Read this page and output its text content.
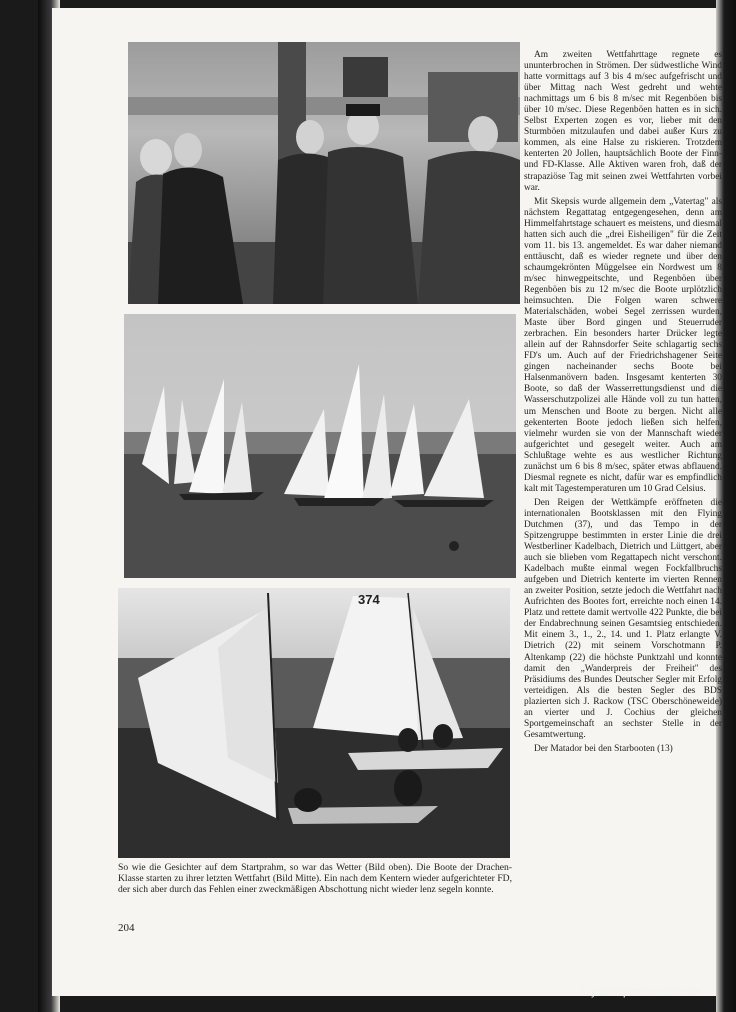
374
So wie die Gesichter auf dem Startprahm, so war das Wetter (Bild oben). Die Boote der Drachen-Klasse starten zu ihrer letzten Wettfahrt (Bild Mitte). Ein nach dem Kentern wieder aufgerichteter FD, der sich aber durch das Fehlen einer zweckmäßigen Abschottung nicht wieder lenz segeln konnte.
204

Am zweiten Wettfahrttage regnete es ununterbrochen in Strömen. Der südwestliche Wind hatte vormittags auf 3 bis 4 m/sec aufgefrischt und über Mittag nach West gedreht und wehte nachmittags um 6 bis 8 m/sec mit Regenböen bis über 10 m/sec. Diese Regenböen hatten es in sich. Selbst Experten zogen es vor, lieber mit den Sturmböen mitzulaufen und dabei außer Kurs zu kommen, als eine Halse zu riskieren. Trotzdem kenterten 20 Jollen, hauptsächlich Boote der Finn- und FD-Klasse. Alle Aktiven waren froh, daß der strapaziöse Tag mit seinen zwei Wettfahrten vorbei war.

Mit Skepsis wurde allgemein dem „Vatertag" als nächstem Regattatag entgegengesehen, denn am Himmelfahrtstage schauert es meistens, und diesmal hatten sich auch die „drei Eisheiligen" für die Zeit vom 11. bis 13. angemeldet. Es war daher niemand enttäuscht, daß es wieder regnete und über den schaumgekrönten Müggelsee ein Nordwest um 8 m/sec hinwegpeitschte, und Regenböen über Regenböen bis zu 12 m/sec die Boote urplötzlich heimsuchten. Die Folgen waren schwere Materialschäden, wobei Segel zerrissen wurden, Maste über Bord gingen und Steuerruder zerbrachen. Ein besonders harter Drücker legte allein auf der Rahnsdorfer Seite schlagartig sechs FD's um. Auch auf der Friedrichshagener Seite gingen nacheinander sechs Boote bei Halsenmanövern baden. Insgesamt kenterten 30 Boote, so daß der Wasserrettungsdienst und die Wasserschutzpolizei alle Hände voll zu tun hatten, um Menschen und Boote zu bergen. Nicht alle gekenterten Boote jedoch ließen sich helfen, vielmehr wurden sie von der Mannschaft wieder aufgerichtet und gesegelt weiter. Auch am Schlußtage wehte es aus westlicher Richtung zunächst um 6 bis 8 m/sec, später etwas abflauend. Diesmal regnete es nicht, dafür war es empfindlich kalt mit Tagestemperaturen um 10 Grad Celsius.

Den Reigen der Wettkämpfe eröffneten die internationalen Bootsklassen mit den Flying Dutchmen (37), und das Tempo in der Spitzengruppe bestimmten in erster Linie die drei Westberliner Kadelbach, Dietrich und Lüttgert, aber auch sie blieben vom Regattapech nicht verschont. Kadelbach mußte einmal wegen Fockfallbruchs aufgeben und Dietrich kenterte im vierten Rennen an zweiter Position, setzte jedoch die Wettfahrt nach Aufrichten des Bootes fort, erreichte noch einen 14. Platz und rettete damit wertvolle 422 Punkte, die bei der Endabrechnung seinen Gesamtsieg entschieden. Mit einem 3., 1., 2., 14. und 1. Platz erlangte V. Dietrich (22) mit seinem Vorschotmann P. Altenkamp (22) die höchste Punktzahl und konnte damit den „Wanderpreis der Freiheit" des Präsidiums des Bundes Deutscher Segler mit Erfolg verteidigen. Als die besten Segler des BDS plazierten sich J. Rackow (TSC Oberschöneweide) an vierter und J. Cochius der gleichen Sportgemeinschaft an sechster Stelle in der Gesamtwertung.

Der Matador bei den Starbooten (13)

© yachtsportmuseum.de
